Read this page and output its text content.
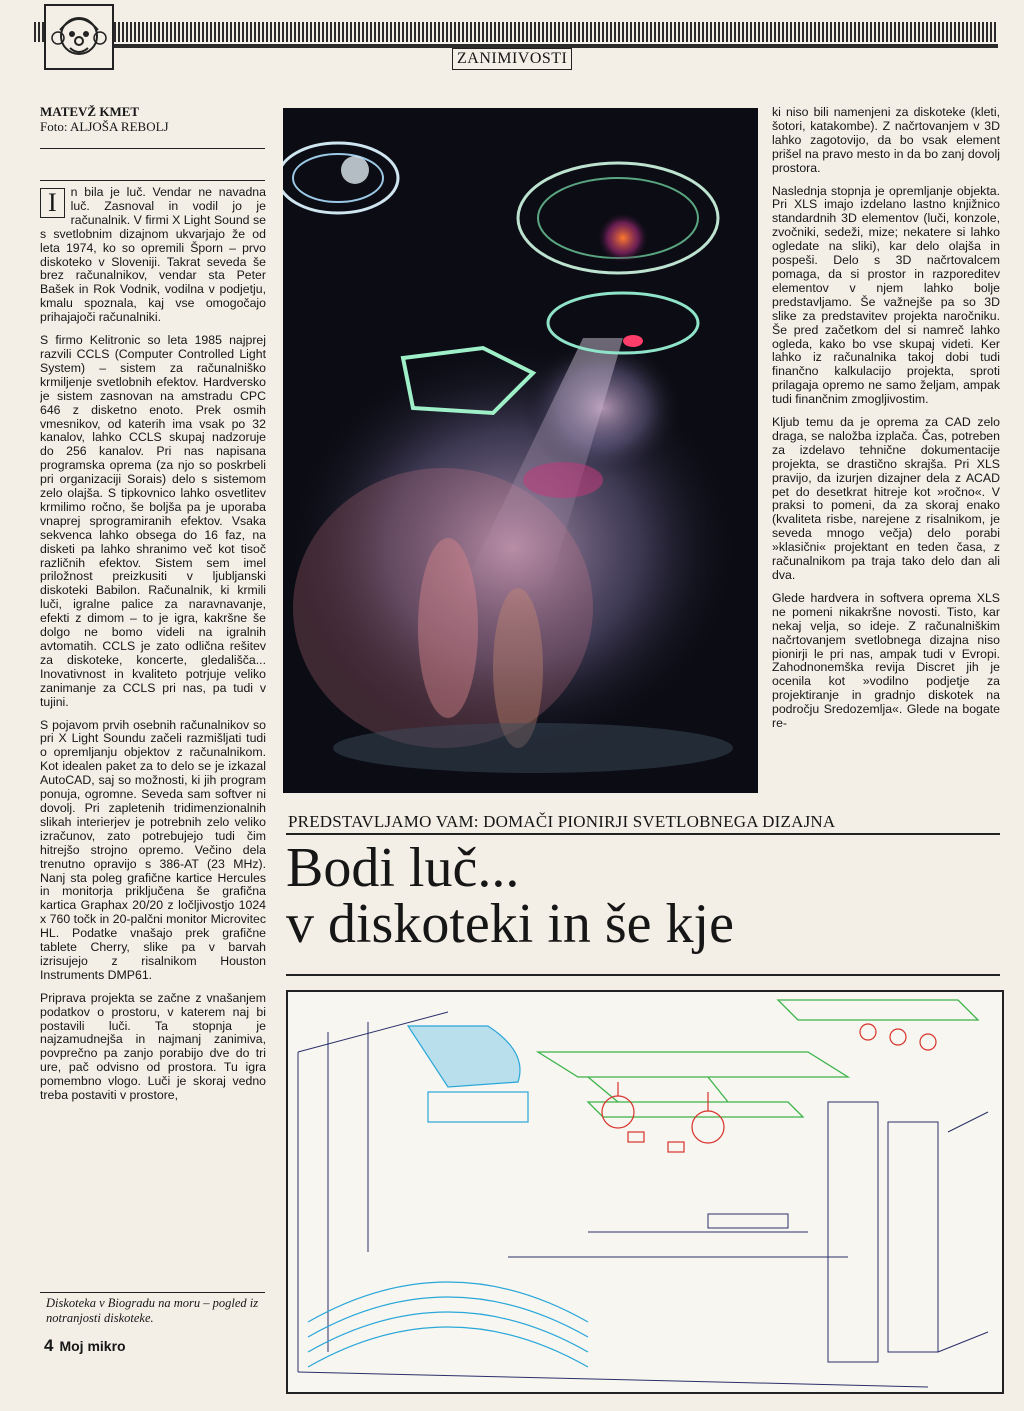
ZANIMIVOSTI
MATEVŽ KMET
Foto: ALJOŠA REBOLJ

I	n bila je luč. Vendar ne navadna luč. Zasnoval in vodil jo je računalnik. V firmi X Light Sound se s svetlobnim dizajnom ukvarjajo že od leta 1974, ko so opremili Šporn – prvo diskoteko v Sloveniji. Takrat seveda še brez računalnikov, vendar sta Peter Bašek in Rok Vodnik, vodilna v podjetju, kmalu spoznala, kaj vse omogočajo prihajajoči računalniki.

S firmo Kelitronic so leta 1985 najprej razvili CCLS (Computer Controlled Light System) – sistem za računalniško krmiljenje svetlobnih efektov. Hardversko je sistem zasnovan na amstradu CPC 646 z disketno enoto. Prek osmih vmesnikov, od katerih ima vsak po 32 kanalov, lahko CCLS skupaj nadzoruje do 256 kanalov. Pri nas napisana programska oprema (za njo so poskrbeli pri organizaciji Sorais) delo s sistemom zelo olajša. S tipkovnico lahko osvetlitev krmilimo ročno, še boljša pa je uporaba vnaprej sprogramiranih efektov. Vsaka sekvenca lahko obsega do 16 faz, na disketi pa lahko shranimo več kot tisoč različnih efektov. Sistem sem imel priložnost preizkusiti v ljubljanski diskoteki Babilon. Računalnik, ki krmili luči, igralne palice za naravnavanje, efekti z dimom – to je igra, kakršne še dolgo ne bomo videli na igralnih avtomatih. CCLS je zato odlična rešitev za diskoteke, koncerte, gledališča... Inovativnost in kvaliteto potrjuje veliko zanimanje za CCLS pri nas, pa tudi v tujini.

S pojavom prvih osebnih računalnikov so pri X Light Soundu začeli razmišljati tudi o opremljanju objektov z računalnikom. Kot idealen paket za to delo se je izkazal AutoCAD, saj so možnosti, ki jih program ponuja, ogromne. Seveda sam softver ni dovolj. Pri zapletenih tridimenzionalnih slikah interierjev je potrebnih zelo veliko izračunov, zato potrebujejo tudi čim hitrejšo strojno opremo. Večino dela trenutno opravijo s 386-AT (23 MHz). Nanj sta poleg grafične kartice Hercules in monitorja priključena še grafična kartica Graphax 20/20 z ločljivostjo 1024 x 760 točk in 20-palčni monitor Microvitec HL. Podatke vnašajo prek grafične tablete Cherry, slike pa v barvah izrisujejo z risalnikom Houston Instruments DMP61.

Priprava projekta se začne z vnašanjem podatkov o prostoru, v katerem naj bi postavili luči. Ta stopnja je najzamudnejša in najmanj zanimiva, povprečno pa zanjo porabijo dve do tri ure, pač odvisno od prostora. Tu igra pomembno vlogo. Luči je skoraj vedno treba postaviti v prostore,

Diskoteka v Biogradu na moru – pogled iz notranjosti diskoteke.
4 Moj mikro

ki niso bili namenjeni za diskoteke (kleti, šotori, katakombe). Z načrtovanjem v 3D lahko zagotovijo, da bo vsak element prišel na pravo mesto in da bo zanj dovolj prostora.

Naslednja stopnja je opremljanje objekta. Pri XLS imajo izdelano lastno knjižnico standardnih 3D elementov (luči, konzole, zvočniki, sedeži, mize; nekatere si lahko ogledate na sliki), kar delo olajša in pospeši. Delo s 3D načrtovalcem pomaga, da si prostor in razporeditev elementov v njem lahko bolje predstavljamo. Še važnejše pa so 3D slike za predstavitev projekta naročniku. Še pred začetkom del si namreč lahko ogleda, kako bo vse skupaj videti. Ker lahko iz računalnika takoj dobi tudi finančno kalkulacijo projekta, sproti prilagaja opremo ne samo željam, ampak tudi finančnim zmogljivostim.

Kljub temu da je oprema za CAD zelo draga, se naložba izplača. Čas, potreben za izdelavo tehnične dokumentacije projekta, se drastično skrajša. Pri XLS pravijo, da izurjen dizajner dela z ACAD pet do desetkrat hitreje kot »ročno«. V praksi to pomeni, da za skoraj enako (kvaliteta risbe, narejene z risalnikom, je seveda mnogo večja) delo porabi »klasični« projektant en teden časa, z računalnikom pa traja tako delo dan ali dva.

Glede hardvera in softvera oprema XLS ne pomeni nikakršne novosti. Tisto, kar nekaj velja, so ideje. Z računalniškim načrtovanjem svetlobnega dizajna niso pionirji le pri nas, ampak tudi v Evropi. Zahodnonemška revija Discret jih je ocenila kot »vodilno podjetje za projektiranje in gradnjo diskotek na področju Sredozemlja«. Glede na bogate re-

PREDSTAVLJAMO VAM: DOMAČI PIONIRJI SVETLOBNEGA DIZAJNA
Bodi luč...
v diskoteki in še kje
